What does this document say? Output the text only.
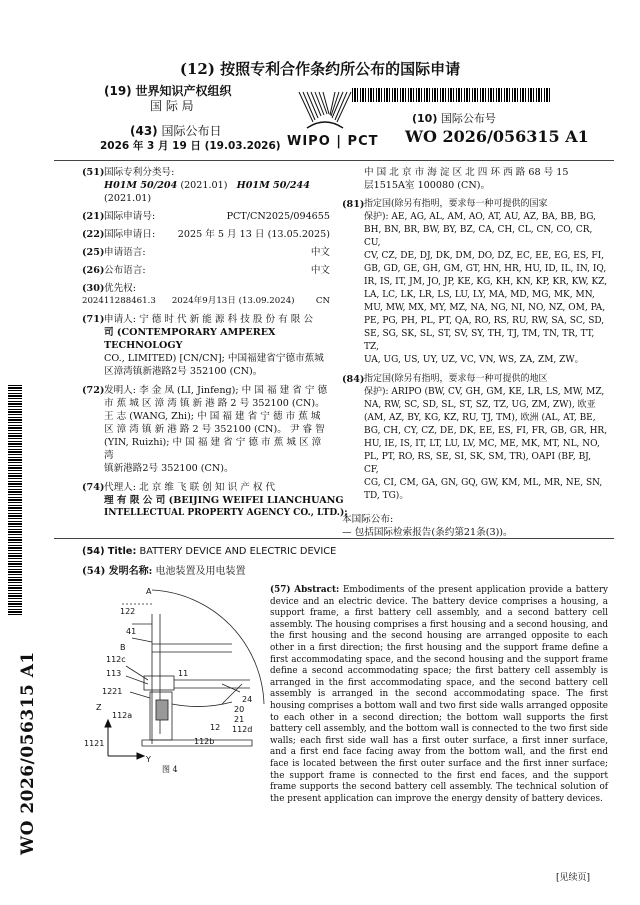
(12) 按照专利合作条约所公布的国际申请
(19) 世界知识产权组织
国 际 局
(43) 国际公布日
2026 年 3 月 19 日 (19.03.2026) WIPO | PCT
(10) 国际公布号
WO 2026/056315 A1
WO 2026/056315 A1
(51) 国际专利分类号:
H01M 50/204 (2021.01) H01M 50/244 (2021.01)
(21) 国际申请号:	PCT/CN2025/094655
(22) 国际申请日: 2025 年 5 月 13 日 (13.05.2025)
(25) 申请语言:	中文
(26) 公布语言:	中文
(30) 优先权:
202411288461.3 2024年9月13日 (13.09.2024) CN
(71) 申请人: 宁 德 时 代 新 能 源 科 技 股 份 有 限 公
司 (CONTEMPORARY AMPEREX TECHNOLOGY
CO., LIMITED) [CN/CN]; 中国福建省宁德市蕉城
区漳湾镇新港路2号 352100 (CN)。
(72) 发明人: 李 金 凤 (LI, Jinfeng); 中 国 福 建 省 宁 德
市 蕉 城 区 漳 湾 镇 新 港 路 2 号 352100 (CN)。
王 志 (WANG, Zhi); 中 国 福 建 省 宁 德 市 蕉 城
区 漳 湾 镇 新 港 路 2 号 352100 (CN)。 尹 睿 智
(YIN, Ruizhi); 中 国 福 建 省 宁 德 市 蕉 城 区 漳 湾
镇新港路2号 352100 (CN)。
(74) 代理人: 北 京 维 飞 联 创 知 识 产 权 代
理 有 限 公 司 (BEIJING WEIFEI LIANCHUANG
INTELLECTUAL PROPERTY AGENCY CO., LTD.);
中 国 北 京 市 海 淀 区 北 四 环 西 路 68 号 15
层1515A室 100080 (CN)。
(81) 指定国(除另有指明，要求每一种可提供的国家
保护): AE, AG, AL, AM, AO, AT, AU, AZ, BA, BB, BG,
BH, BN, BR, BW, BY, BZ, CA, CH, CL, CN, CO, CR, CU,
CV, CZ, DE, DJ, DK, DM, DO, DZ, EC, EE, EG, ES, FI,
GB, GD, GE, GH, GM, GT, HN, HR, HU, ID, IL, IN, IQ,
IR, IS, IT, JM, JO, JP, KE, KG, KH, KN, KP, KR, KW, KZ,
LA, LC, LK, LR, LS, LU, LY, MA, MD, MG, MK, MN,
MU, MW, MX, MY, MZ, NA, NG, NI, NO, NZ, OM, PA,
PE, PG, PH, PL, PT, QA, RO, RS, RU, RW, SA, SC, SD,
SE, SG, SK, SL, ST, SV, SY, TH, TJ, TM, TN, TR, TT, TZ,
UA, UG, US, UY, UZ, VC, VN, WS, ZA, ZM, ZW。
(84) 指定国(除另有指明，要求每一种可提供的地区
保护): ARIPO (BW, CV, GH, GM, KE, LR, LS, MW, MZ,
NA, RW, SC, SD, SL, ST, SZ, TZ, UG, ZM, ZW), 欧亚
(AM, AZ, BY, KG, KZ, RU, TJ, TM), 欧洲 (AL, AT, BE,
BG, CH, CY, CZ, DE, DK, EE, ES, FI, FR, GB, GR, HR,
HU, IE, IS, IT, LT, LU, LV, MC, ME, MK, MT, NL, NO,
PL, PT, RO, RS, SE, SI, SK, SM, TR), OAPI (BF, BJ, CF,
CG, CI, CM, GA, GN, GQ, GW, KM, ML, MR, NE, SN,
TD, TG)。
本国际公布:
— 包括国际检索报告(条约第21条(3))。
(54) Title: BATTERY DEVICE AND ELECTRIC DEVICE
(54) 发明名称: 电池装置及用电装置
A
122
41
B
112c
113
1221
Z
112a
1121
Y
112b
11
12 112d
21
20
24
图 4
(57) Abstract: Embodiments of the present application provide a battery device and an electric device. The battery device comprises a housing, a support frame, a first battery cell assembly, and a second battery cell assembly. The housing comprises a first housing and a second housing, and the first housing and the second housing are arranged opposite to each other in a first direction; the first housing and the support frame define a first accommodating space, and the second housing and the support frame define a second accommodating space; the first battery cell assembly is arranged in the first accommodating space, and the second battery cell assembly is arranged in the second accommodating space. The first housing comprises a bottom wall and two first side walls arranged opposite to each other in a second direction; the bottom wall supports the first battery cell assembly, and the bottom wall is connected to the two first side walls; each first side wall has a first outer surface, a first inner surface, and a first end face facing away from the bottom wall, and the first end face is located between the first outer surface and the first inner surface; the support frame is connected to the first end faces, and the support frame supports the second battery cell assembly. The technical solution of the present application can improve the energy density of battery devices.
[见续页]
